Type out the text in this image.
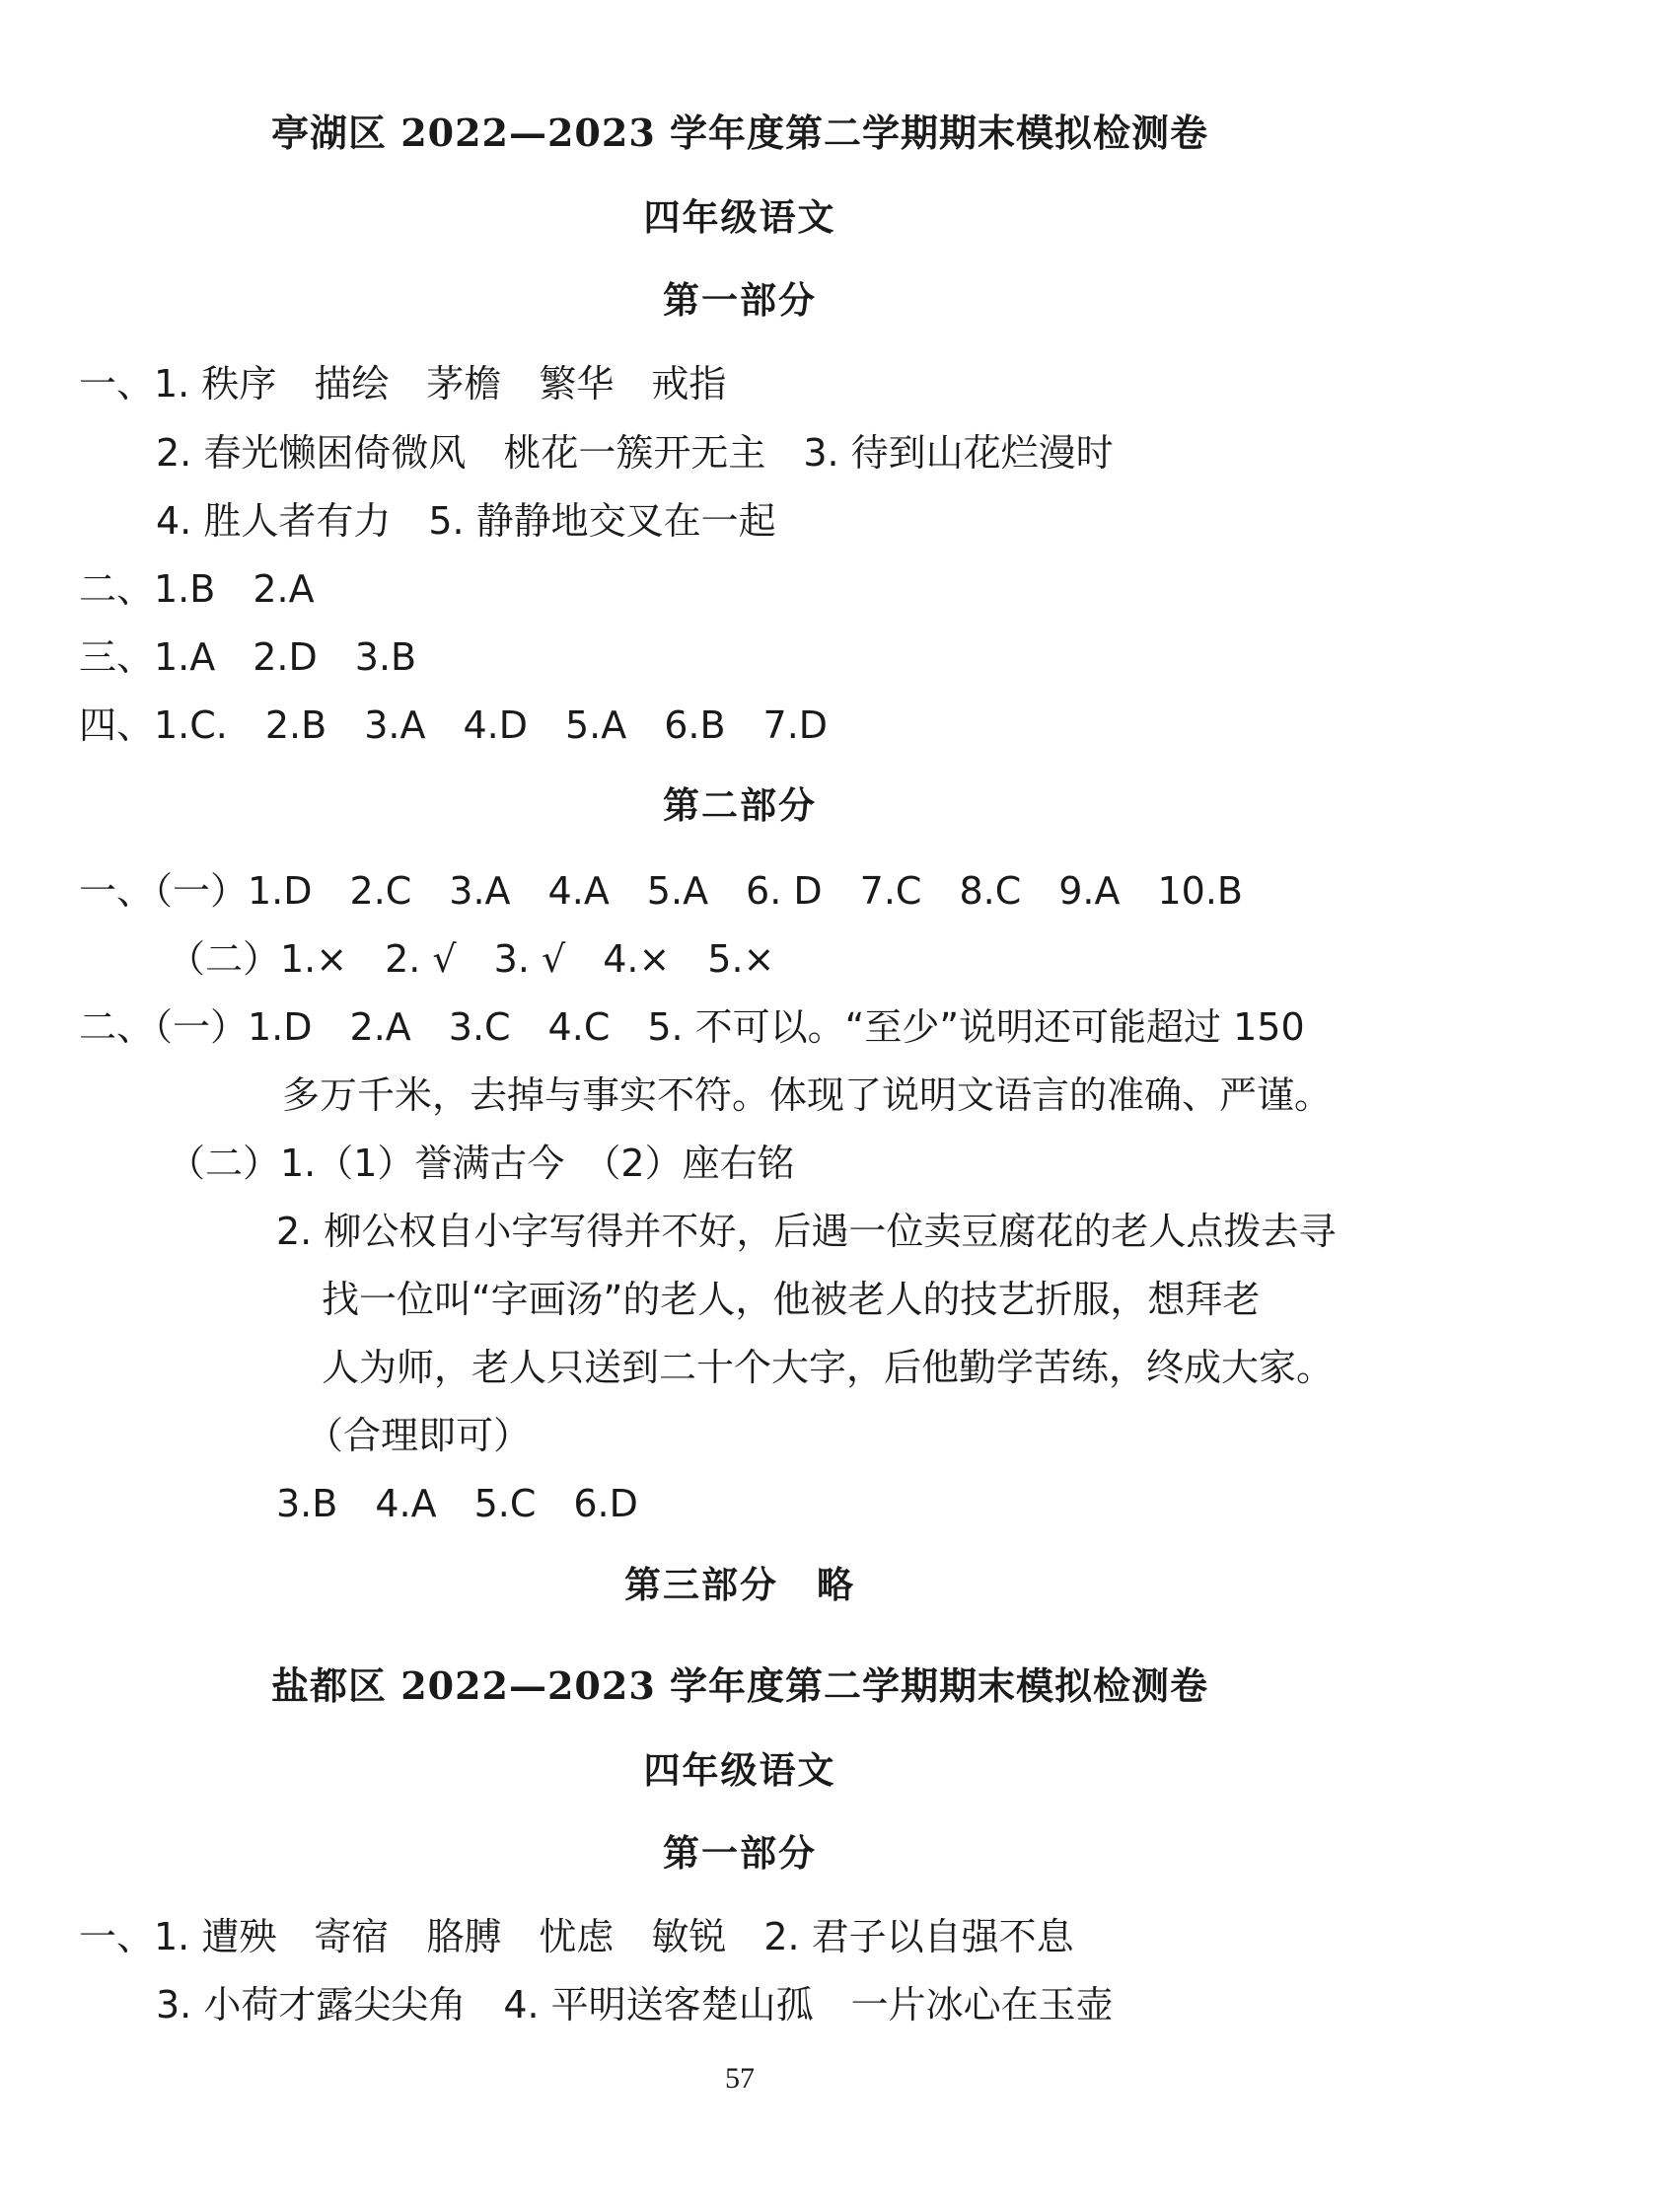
亭湖区 2022—2023 学年度第二学期期末模拟检测卷
四年级语文
第一部分
一、1. 秩序　描绘　茅檐　繁华　戒指
2. 春光懒困倚微风　桃花一簇开无主　3. 待到山花烂漫时
4. 胜人者有力　5. 静静地交叉在一起
二、1.B　2.A
三、1.A　2.D　3.B
四、1.C.　2.B　3.A　4.D　5.A　6.B　7.D
第二部分
一、（一）1.D　2.C　3.A　4.A　5.A　6. D　7.C　8.C　9.A　10.B
（二）1.×　2. √　3. √　4.×　5.×
二、（一）1.D　2.A　3.C　4.C　5. 不可以。“至少”说明还可能超过 150
多万千米，去掉与事实不符。体现了说明文语言的准确、严谨。
（二）1.（1）誉满古今　（2）座右铭
2. 柳公权自小字写得并不好，后遇一位卖豆腐花的老人点拨去寻
找一位叫“字画汤”的老人，他被老人的技艺折服，想拜老
人为师，老人只送到二十个大字，后他勤学苦练，终成大家。
（合理即可）
3.B　4.A　5.C　6.D
第三部分　略
盐都区 2022—2023 学年度第二学期期末模拟检测卷
四年级语文
第一部分
一、1. 遭殃　寄宿　胳膊　忧虑　敏锐　2. 君子以自强不息
3. 小荷才露尖尖角　4. 平明送客楚山孤　一片冰心在玉壶
57
